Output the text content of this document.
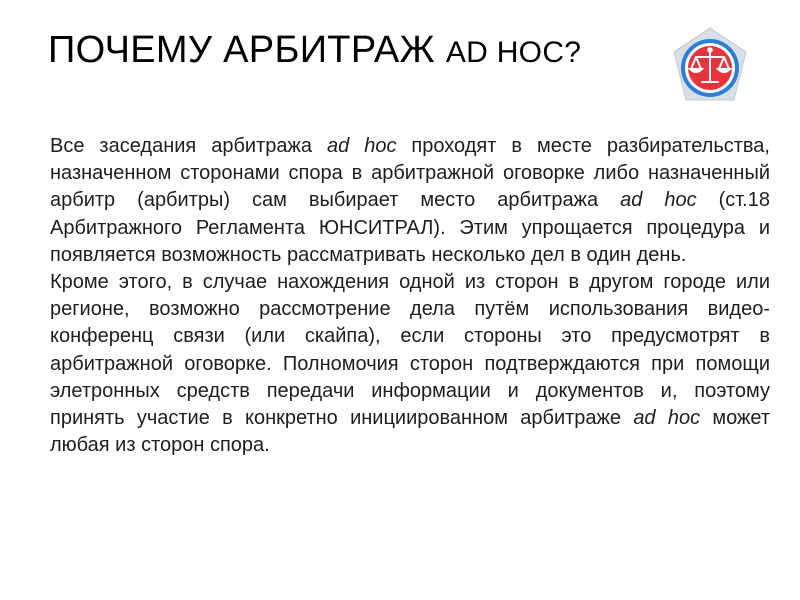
ПОЧЕМУ АРБИТРАЖ AD HOC?

Все заседания арбитража ad hoc проходят в месте разбирательства, назначенном сторонами спора в арбитражной оговорке либо назначенный арбитр (арбитры) сам выбирает место арбитража ad hoc (ст.18 Арбитражного Регламента ЮНСИТРАЛ). Этим упрощается процедура и появляется возможность рассматривать несколько дел в один день.

Кроме этого, в случае нахождения одной из сторон в другом городе или регионе, возможно рассмотрение дела путём использования видео-конференц связи (или скайпа), если стороны это предусмотрят в арбитражной оговорке. Полномочия сторон подтверждаются при помощи элетронных средств передачи информации и документов и, поэтому принять участие в конкретно инициированном арбитраже ad hoc может любая из сторон спора.
